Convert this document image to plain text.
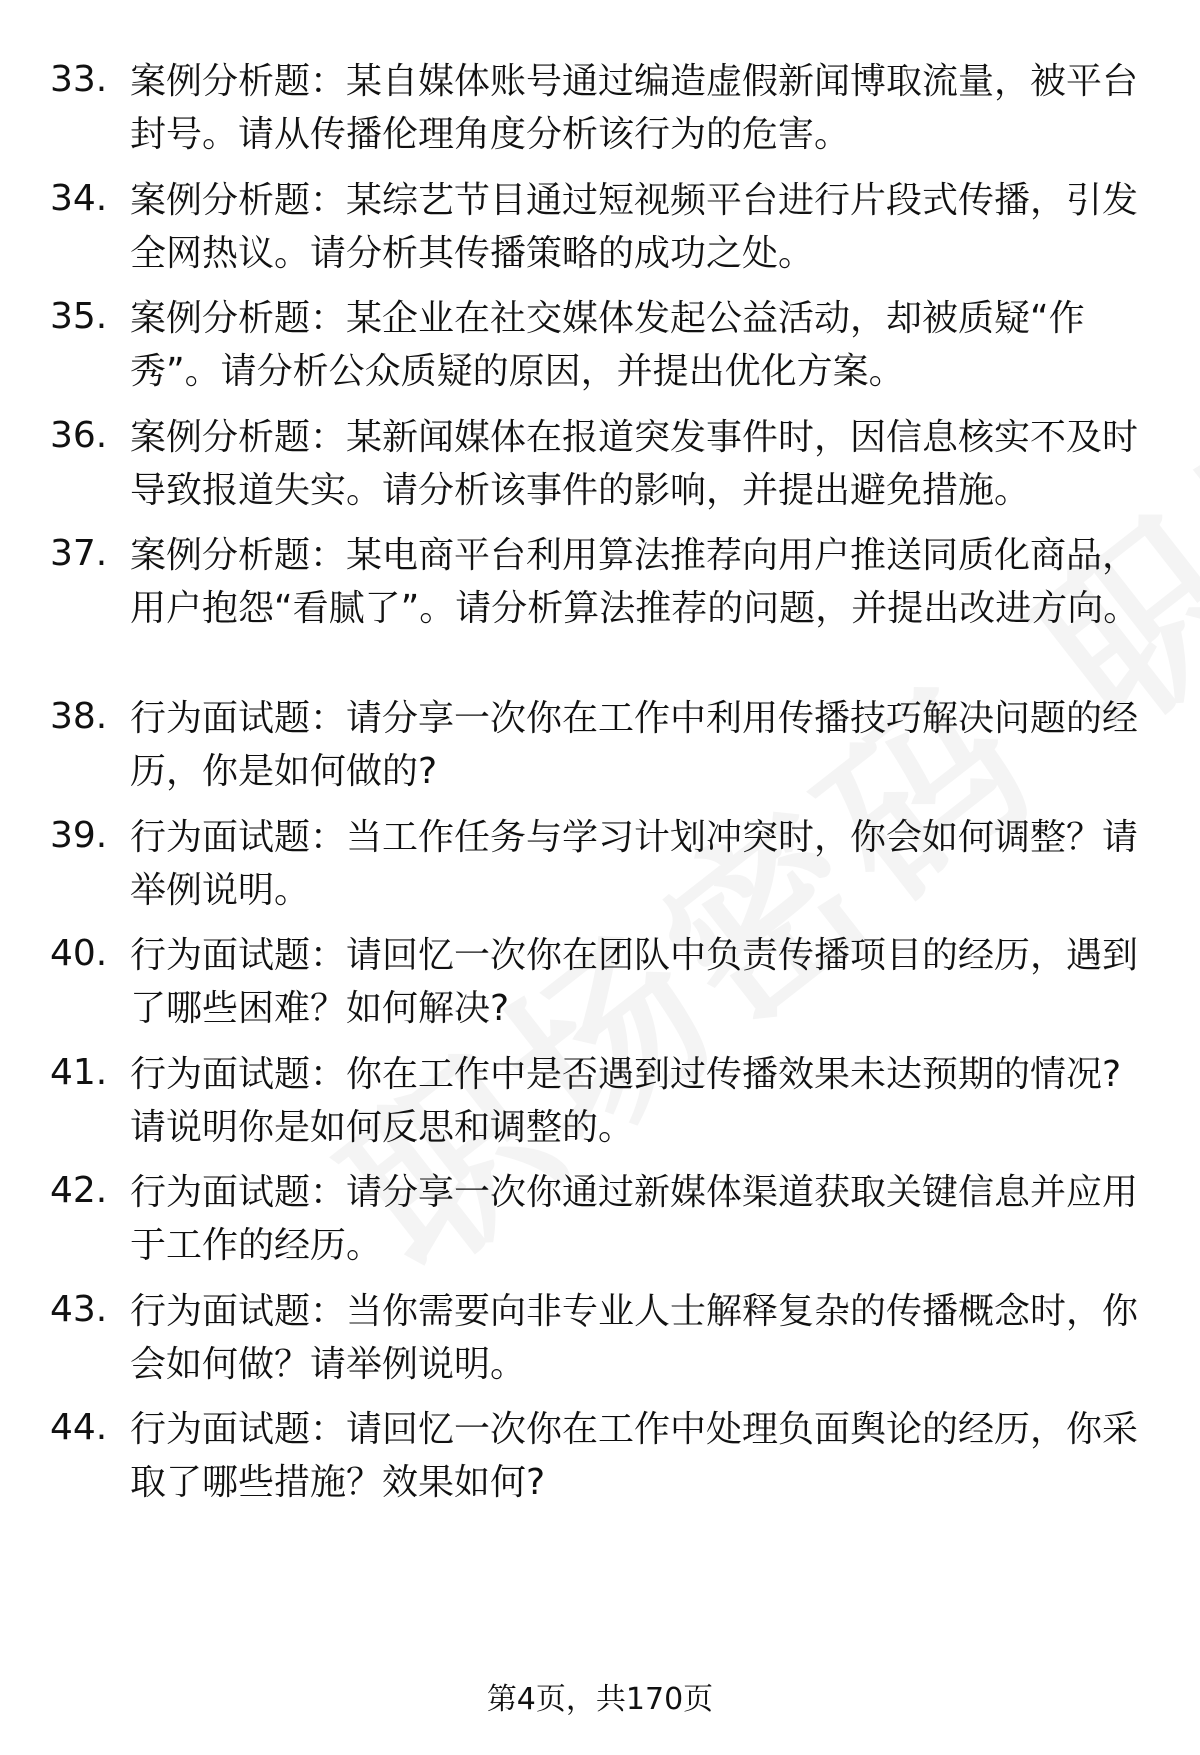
33. 案例分析题：某自媒体账号通过编造虚假新闻博取流量，被平台封号。请从传播伦理角度分析该行为的危害。
34. 案例分析题：某综艺节目通过短视频平台进行片段式传播，引发全网热议。请分析其传播策略的成功之处。
35. 案例分析题：某企业在社交媒体发起公益活动，却被质疑“作秀”。请分析公众质疑的原因，并提出优化方案。
36. 案例分析题：某新闻媒体在报道突发事件时，因信息核实不及时导致报道失实。请分析该事件的影响，并提出避免措施。
37. 案例分析题：某电商平台利用算法推荐向用户推送同质化商品，用户抱怨“看腻了”。请分析算法推荐的问题，并提出改进方向。
38. 行为面试题：请分享一次你在工作中利用传播技巧解决问题的经历，你是如何做的?
39. 行为面试题：当工作任务与学习计划冲突时，你会如何调整？请举例说明。
40. 行为面试题：请回忆一次你在团队中负责传播项目的经历，遇到了哪些困难？如何解决?
41. 行为面试题：你在工作中是否遇到过传播效果未达预期的情况?请说明你是如何反思和调整的。
42. 行为面试题：请分享一次你通过新媒体渠道获取关键信息并应用于工作的经历。
43. 行为面试题：当你需要向非专业人士解释复杂的传播概念时，你会如何做？请举例说明。
44. 行为面试题：请回忆一次你在工作中处理负面舆论的经历，你采取了哪些措施？效果如何?
第4页，共170页
